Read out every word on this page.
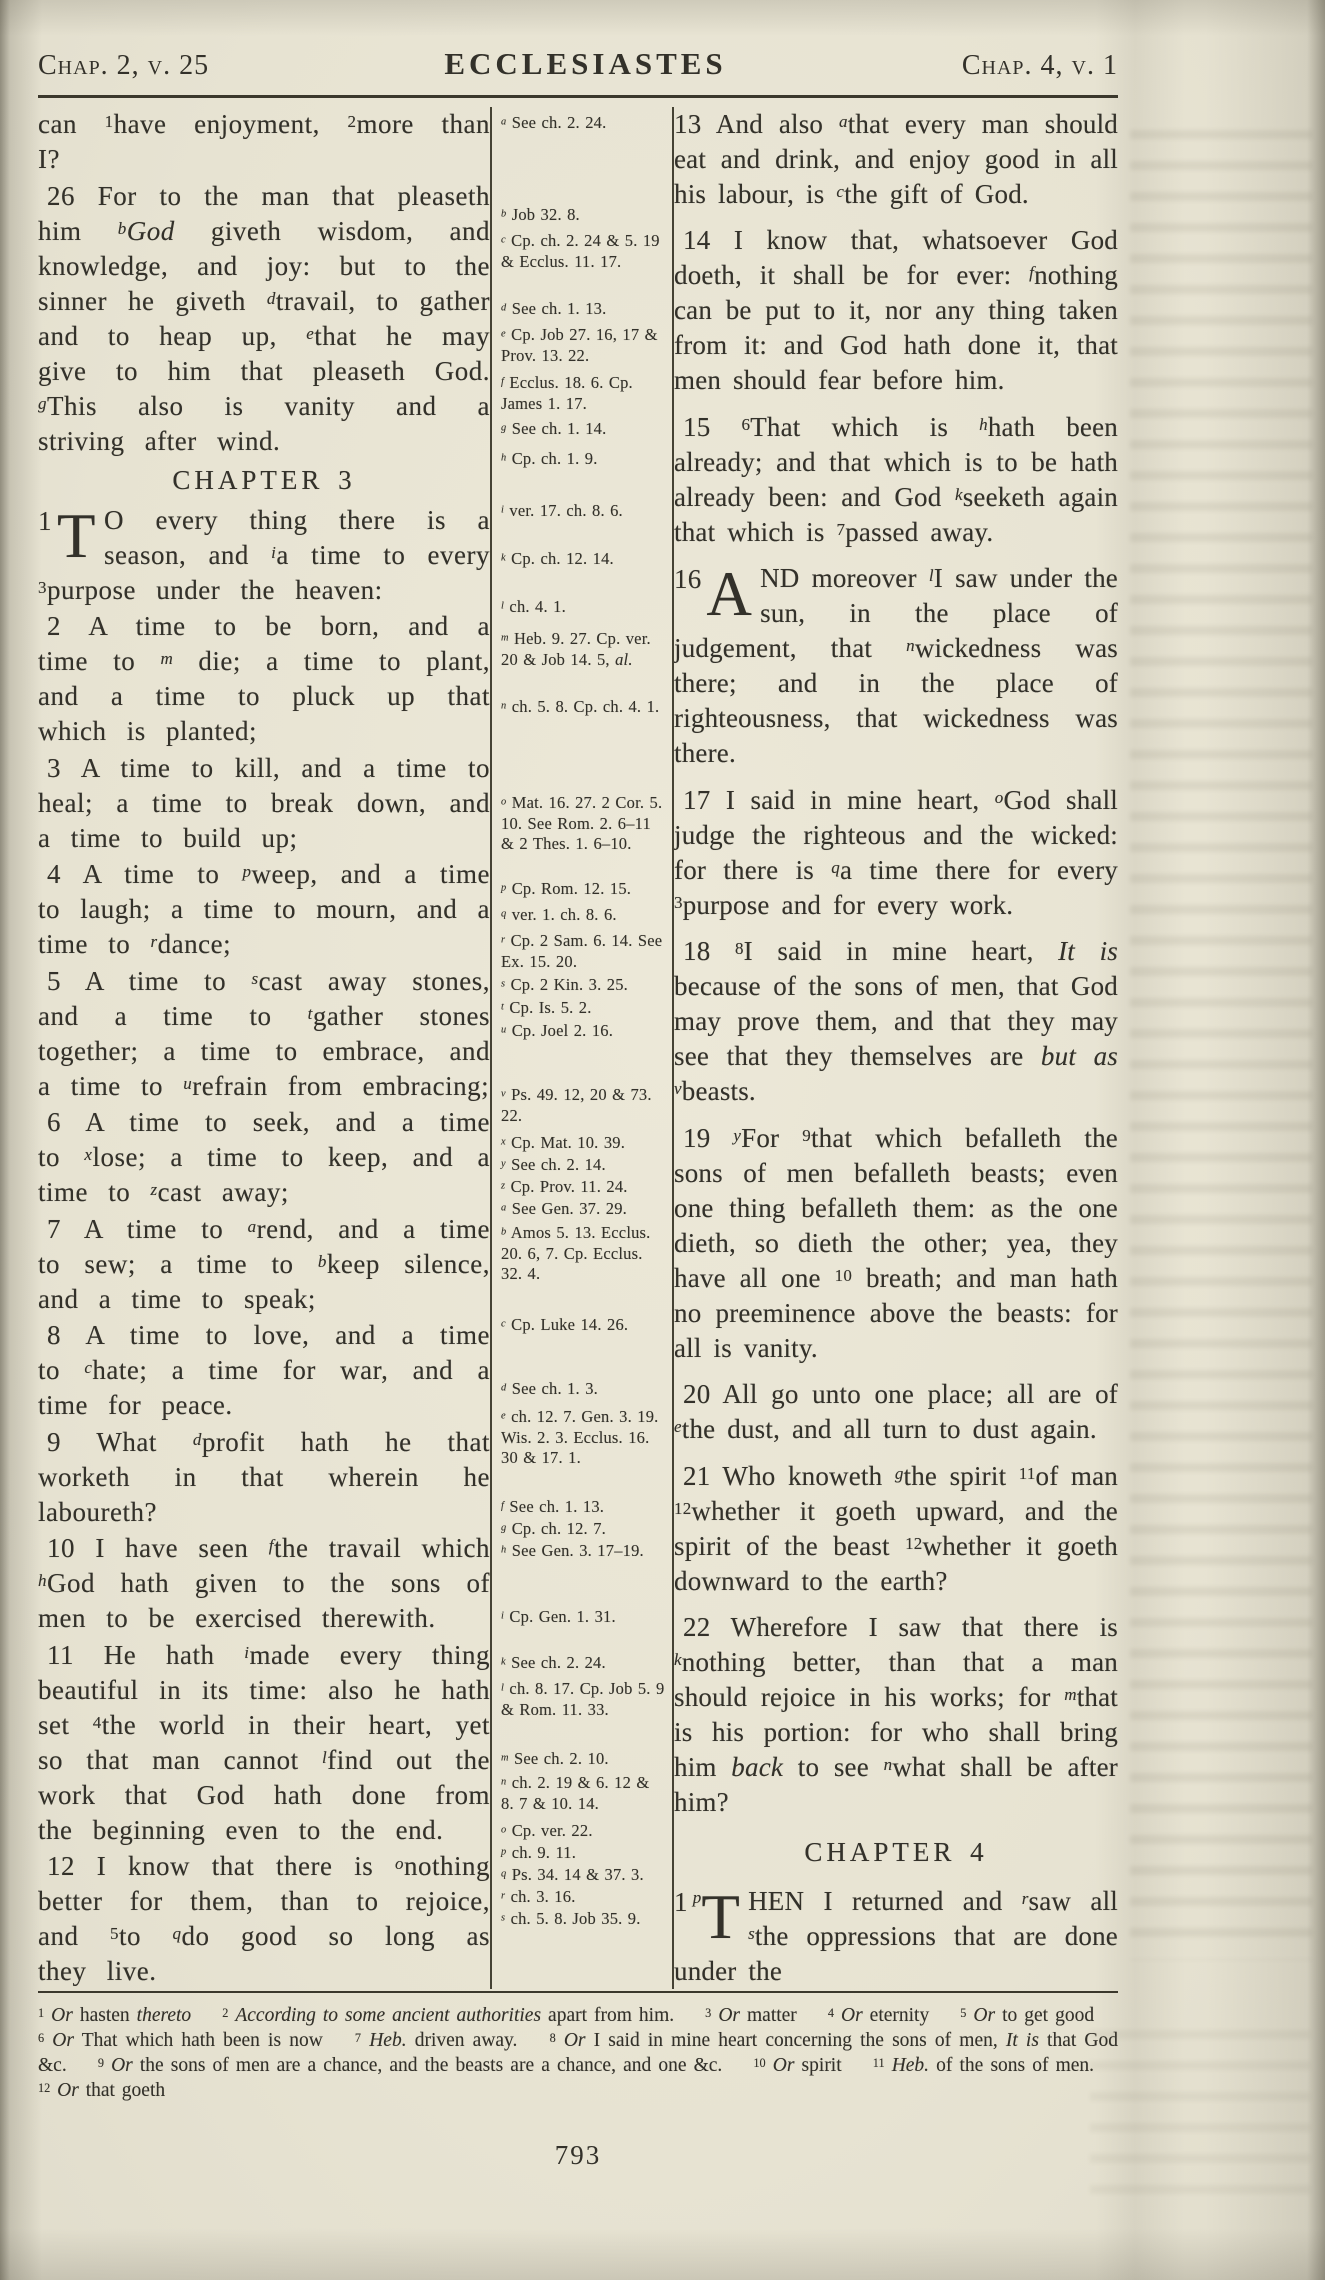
Chap. 2, v. 25	ECCLESIASTES	Chap. 4, v. 1

can $^1$have enjoyment, $^2$more than I?

26 For to the man that pleaseth him $^b$God giveth wisdom, and knowledge, and joy: but to the sinner he giveth $^d$travail, to gather and to heap up, $^e$that he may give to him that pleaseth God. $^g$This also is vanity and a striving after wind.

CHAPTER 3

1T O every thing there is a season, and $^i$a time to every $^3$purpose under the heaven:

2 A time to be born, and a time to $^m$ die; a time to plant, and a time to pluck up that which is planted;

3 A time to kill, and a time to heal; a time to break down, and a time to build up;

4 A time to $^p$weep, and a time to laugh; a time to mourn, and a time to $^r$dance;

5 A time to $^s$cast away stones, and a time to $^t$gather stones together; a time to embrace, and a time to $^u$refrain from embracing;

6 A time to seek, and a time to $^x$lose; a time to keep, and a time to $^z$cast away;

7 A time to $^a$rend, and a time to sew; a time to $^b$keep silence, and a time to speak;

8 A time to love, and a time to $^c$hate; a time for war, and a time for peace.

9 What $^d$profit hath he that worketh in that wherein he laboureth?

10 I have seen $^f$the travail which $^h$God hath given to the sons of men to be exercised therewith.

11 He hath $^i$made every thing beautiful in its time: also he hath set $^4$the world in their heart, yet so that man cannot $^l$find out the work that God hath done from the beginning even to the end.

12 I know that there is $^o$nothing better for them, than to rejoice, and $^5$to $^q$do good so long as they live.

$^a$ See ch. 2. 24.
$^b$ Job 32. 8.
$^c$ Cp. ch. 2. 24 & 5. 19 & Ecclus. 11. 17.
$^d$ See ch. 1. 13.
$^e$ Cp. Job 27. 16, 17 & Prov. 13. 22.
$^f$ Ecclus. 18. 6. Cp. James 1. 17.
$^g$ See ch. 1. 14.
$^h$ Cp. ch. 1. 9.
$^i$ ver. 17. ch. 8. 6.
$^k$ Cp. ch. 12. 14.
$^l$ ch. 4. 1.
$^m$ Heb. 9. 27. Cp. ver. 20 & Job 14. 5, al.
$^n$ ch. 5. 8. Cp. ch. 4. 1.
$^o$ Mat. 16. 27. 2 Cor. 5. 10. See Rom. 2. 6–11 & 2 Thes. 1. 6–10.
$^p$ Cp. Rom. 12. 15.
$^q$ ver. 1. ch. 8. 6.
$^r$ Cp. 2 Sam. 6. 14. See Ex. 15. 20.
$^s$ Cp. 2 Kin. 3. 25.
$^t$ Cp. Is. 5. 2.
$^u$ Cp. Joel 2. 16.
$^v$ Ps. 49. 12, 20 & 73. 22.
$^x$ Cp. Mat. 10. 39.
$^y$ See ch. 2. 14.
$^z$ Cp. Prov. 11. 24.
$^a$ See Gen. 37. 29.
$^b$ Amos 5. 13. Ecclus. 20. 6, 7. Cp. Ecclus. 32. 4.
$^c$ Cp. Luke 14. 26.
$^d$ See ch. 1. 3.
$^e$ ch. 12. 7. Gen. 3. 19. Wis. 2. 3. Ecclus. 16. 30 & 17. 1.
$^f$ See ch. 1. 13.
$^g$ Cp. ch. 12. 7.
$^h$ See Gen. 3. 17–19.
$^i$ Cp. Gen. 1. 31.
$^k$ See ch. 2. 24.
$^l$ ch. 8. 17. Cp. Job 5. 9 & Rom. 11. 33.
$^m$ See ch. 2. 10.
$^n$ ch. 2. 19 & 6. 12 & 8. 7 & 10. 14.
$^o$ Cp. ver. 22.
$^p$ ch. 9. 11.
$^q$ Ps. 34. 14 & 37. 3.
$^r$ ch. 3. 16.
$^s$ ch. 5. 8. Job 35. 9.

13 And also $^a$that every man should eat and drink, and enjoy good in all his labour, is $^c$the gift of God.

14 I know that, whatsoever God doeth, it shall be for ever: $^f$nothing can be put to it, nor any thing taken from it: and God hath done it, that men should fear before him.

15 $^6$That which is $^h$hath been already; and that which is to be hath already been: and God $^k$seeketh again that which is $^7$passed away.

16A ND moreover $^l$I saw under the sun, in the place of judgement, that $^n$wickedness was there; and in the place of righteousness, that wickedness was there.

17 I said in mine heart, $^o$God shall judge the righteous and the wicked: for there is $^q$a time there for every $^3$purpose and for every work.

18 $^8$I said in mine heart, It is because of the sons of men, that God may prove them, and that they may see that they themselves are but as $^v$beasts.

19 $^y$For $^9$that which befalleth the sons of men befalleth beasts; even one thing befalleth them: as the one dieth, so dieth the other; yea, they have all one $^{10}$ breath; and man hath no preeminence above the beasts: for all is vanity.

20 All go unto one place; all are of $^e$the dust, and all turn to dust again.

21 Who knoweth $^g$the spirit $^{11}$of man $^{12}$whether it goeth upward, and the spirit of the beast $^{12}$whether it goeth downward to the earth?

22 Wherefore I saw that there is $^k$nothing better, than that a man should rejoice in his works; for $^m$that is his portion: for who shall bring him back to see $^n$what shall be after him?

CHAPTER 4

1 $^p$T HEN I returned and $^r$saw all $^s$the oppressions that are done under the

$^1$ Or hasten thereto	$^2$ According to some ancient authorities apart from him.	$^3$ Or matter	$^4$ Or eternity	$^5$ Or to get good $^6$ Or That which hath been is now	$^7$ Heb. driven away.	$^8$ Or I said in mine heart concerning the sons of men, It is that God &c.	$^9$ Or the sons of men are a chance, and the beasts are a chance, and one &c.	$^{10}$ Or spirit	$^{11}$ Heb. of the sons of men. $^{12}$ Or that goeth
793
